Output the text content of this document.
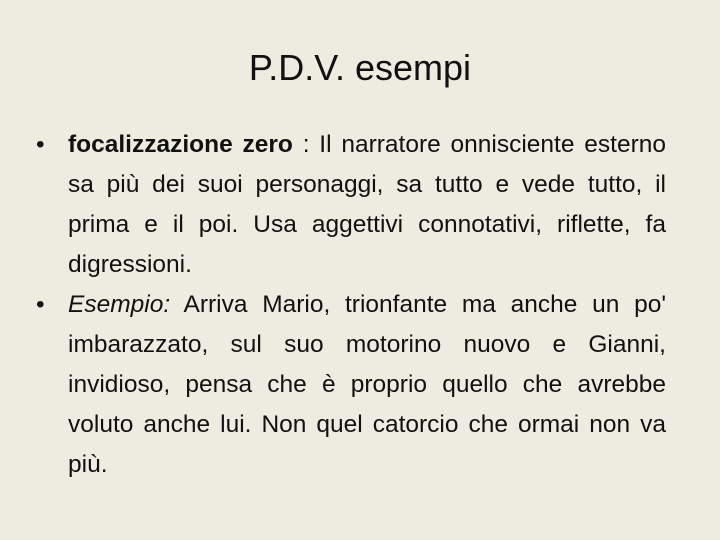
P.D.V. esempi
• focalizzazione zero : Il narratore onnisciente esterno sa più dei suoi personaggi, sa tutto e vede tutto, il prima e il poi. Usa aggettivi connotativi, riflette, fa digressioni.
• Esempio: Arriva Mario, trionfante ma anche un po' imbarazzato, sul suo motorino nuovo e Gianni, invidioso, pensa che è proprio quello che avrebbe voluto anche lui. Non quel catorcio che ormai non va più.
